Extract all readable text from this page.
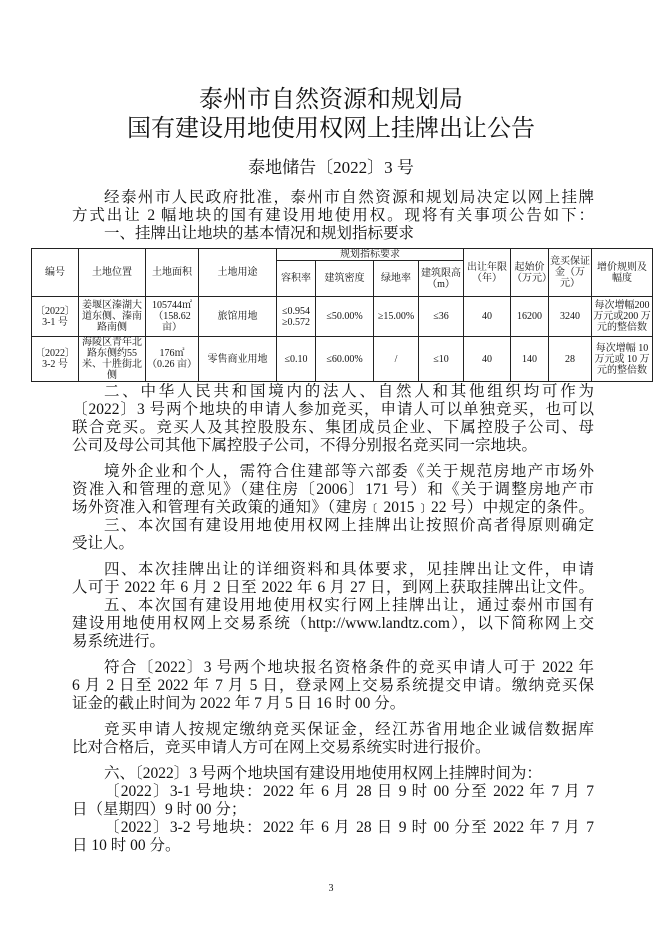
泰州市自然资源和规划局
国有建设用地使用权网上挂牌出让公告
泰地储告〔2022〕3 号
经泰州市人民政府批准，泰州市自然资源和规划局决定以网上挂牌
方式出让 2 幅地块的国有建设用地使用权。现将有关事项公告如下：
一、挂牌出让地块的基本情况和规划指标要求
编号	土地位置	土地面积	土地用途	规划指标要求				出让年限（年）	起始价（万元）	竞买保证金（万元）	增价规则及幅度
				容积率	建筑密度	绿地率	建筑限高（m）				
〔2022〕3-1 号	姜堰区溱湖大道东侧、溱南路南侧	105744㎡（158.62 亩）	旅馆用地	≤0.954 ≥0.572	≤50.00%	≥15.00%	≤36	40	16200	3240	每次增幅200 万元或200 万元的整倍数
〔2022〕3-2 号	海陵区青年北路东侧约55 米、十胜街北侧	176㎡（0.26 亩）	零售商业用地	≤0.10	≤60.00%	/	≤10	40	140	28	每次增幅 10 万元或 10 万元的整倍数
二、中华人民共和国境内的法人、自然人和其他组织均可作为
〔2022〕3 号两个地块的申请人参加竞买，申请人可以单独竞买，也可以
联合竞买。竞买人及其控股股东、集团成员企业、下属控股子公司、母
公司及母公司其他下属控股子公司，不得分别报名竞买同一宗地块。
境外企业和个人，需符合住建部等六部委《关于规范房地产市场外
资准入和管理的意见》（建住房〔2006〕171 号）和《关于调整房地产市
场外资准入和管理有关政策的通知》（建房﹝2015﹞22 号）中规定的条件。
三、本次国有建设用地使用权网上挂牌出让按照价高者得原则确定
受让人。
四、本次挂牌出让的详细资料和具体要求，见挂牌出让文件，申请
人可于 2022 年 6 月 2 日至 2022 年 6 月 27 日，到网上获取挂牌出让文件。
五、本次国有建设用地使用权实行网上挂牌出让，通过泰州市国有
建设用地使用权网上交易系统（http://www.landtz.com），以下简称网上交
易系统进行。
符合〔2022〕3 号两个地块报名资格条件的竞买申请人可于 2022 年
6 月 2 日至 2022 年 7 月 5 日，登录网上交易系统提交申请。缴纳竞买保
证金的截止时间为 2022 年 7 月 5 日 16 时 00 分。
竞买申请人按规定缴纳竞买保证金，经江苏省用地企业诚信数据库
比对合格后，竞买申请人方可在网上交易系统实时进行报价。
六、〔2022〕3 号两个地块国有建设用地使用权网上挂牌时间为：
〔2022〕3-1 号地块：2022 年 6 月 28 日 9 时 00 分至 2022 年 7 月 7
日（星期四）9 时 00 分；
〔2022〕3-2 号地块：2022 年 6 月 28 日 9 时 00 分至 2022 年 7 月 7
日 10 时 00 分。
3
